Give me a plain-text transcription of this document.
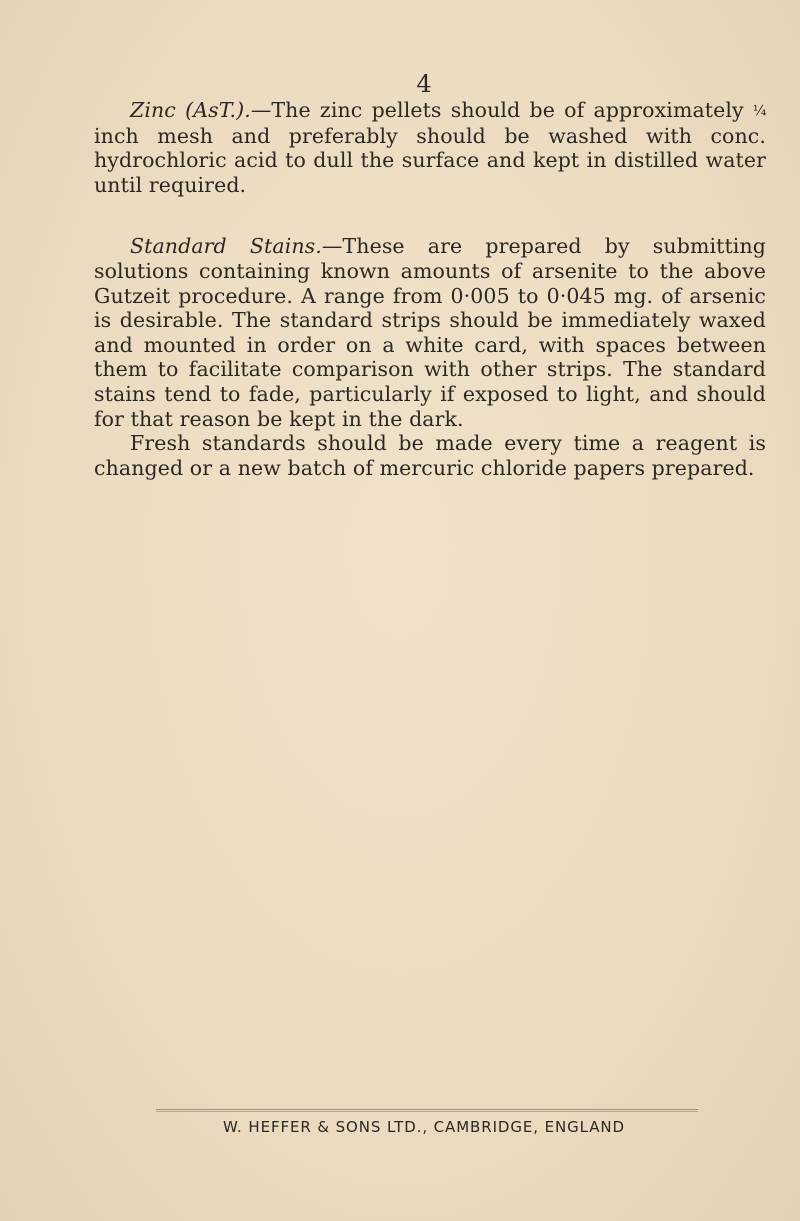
4

Zinc (AsT.).—The zinc pellets should be of approximately ¼ inch mesh and preferably should be washed with conc. hydrochloric acid to dull the surface and kept in distilled water until required.

Standard Stains.—These are prepared by submitting solutions containing known amounts of arsenite to the above Gutzeit procedure. A range from 0·005 to 0·045 mg. of arsenic is desirable. The standard strips should be immediately waxed and mounted in order on a white card, with spaces between them to facilitate comparison with other strips. The standard stains tend to fade, particularly if exposed to light, and should for that reason be kept in the dark.

Fresh standards should be made every time a reagent is changed or a new batch of mercuric chloride papers prepared.

W. HEFFER & SONS LTD., CAMBRIDGE, ENGLAND
